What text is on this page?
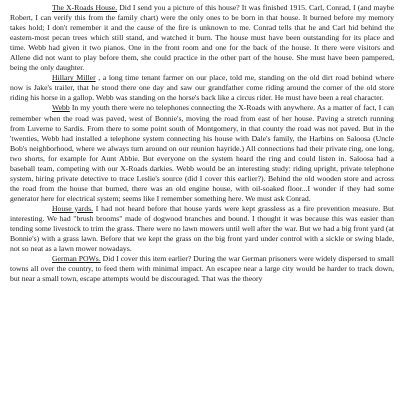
The X-Roads House. Did I send you a picture of this house? It was finished 1915. Carl, Conrad, I (and maybe Robert, I can verify this from the family chart) were the only ones to be born in that house. It burned before my memory takes hold; I don't remember it and the cause of the fire is unknown to me. Conrad tells that he and Carl hid behind the eastern-most pecan trees which still stand, and watched it burn. The house must have been outstanding for its place and time. Webb had given it two pianos. One in the front room and one for the back of the house. It there were visitors and Allene did not want to play before them, she could practice in the other part of the house. She must have been pampered, being the only daughter.

Hillary Miller , a long time tenant farmer on our place, told me, standing on the old dirt road behind where now is Jake's trailer, that he stood there one day and saw our grandfather come riding around the corner of the old store riding his horse in a gallop. Webb was standing on the horse's back like a circus rider. He must have been a real character.

Webb In my youth there were no telephones connecting the X-Roads with anywhere. As a matter of fact, I can remember when the road was paved, west of Bonnie's, moving the road from east of her house. Paving a stretch running from Luverne to Sardis. From there to some point south of Montgomery, in that county the road was not paved. But in the 'twenties, Webb had installed a telephone system connecting his house with Dale's family, the Harbins on Saloosa (Uncle Bob's neighborhood, where we always turn around on our reunion hayride.) All connections had their private ring, one long, two shorts, for example for Aunt Abbie. But everyone on the system heard the ring and could listen in. Saloosa had a baseball team, competing with our X-Roads darkies. Webb would be an interesting study: riding upright, private telephone system, hiring private detective to trace Leslie's source (did I cover this earlier?). Behind the old wooden store and across the road from the house that burned, there was an old engine house, with oil-soaked floor...I wonder if they had some generator here for electrical system; seems like I remember something here. We must ask Conrad.

House yards. I had not heard before that house yards were kept grassless as a fire prevention measure. But interesting. We had "brush brooms" made of dogwood branches and bound. I thought it was because this was easier than tending some livestock to trim the grass. There were no lawn mowers until well after the war. But we had a big front yard (at Bonnie's) with a grass lawn. Before that we kept the grass on the big front yard under control with a sickle or swing blade, not so neat as a lawn mower nowadays.

German POWs. Did I cover this item earlier? During the war German prisoners were widely dispersed to small towns all over the country, to feed them with minimal impact. An escapee near a large city would be harder to track down, but near a small town, escape attempts would be discouraged. That was the theory
